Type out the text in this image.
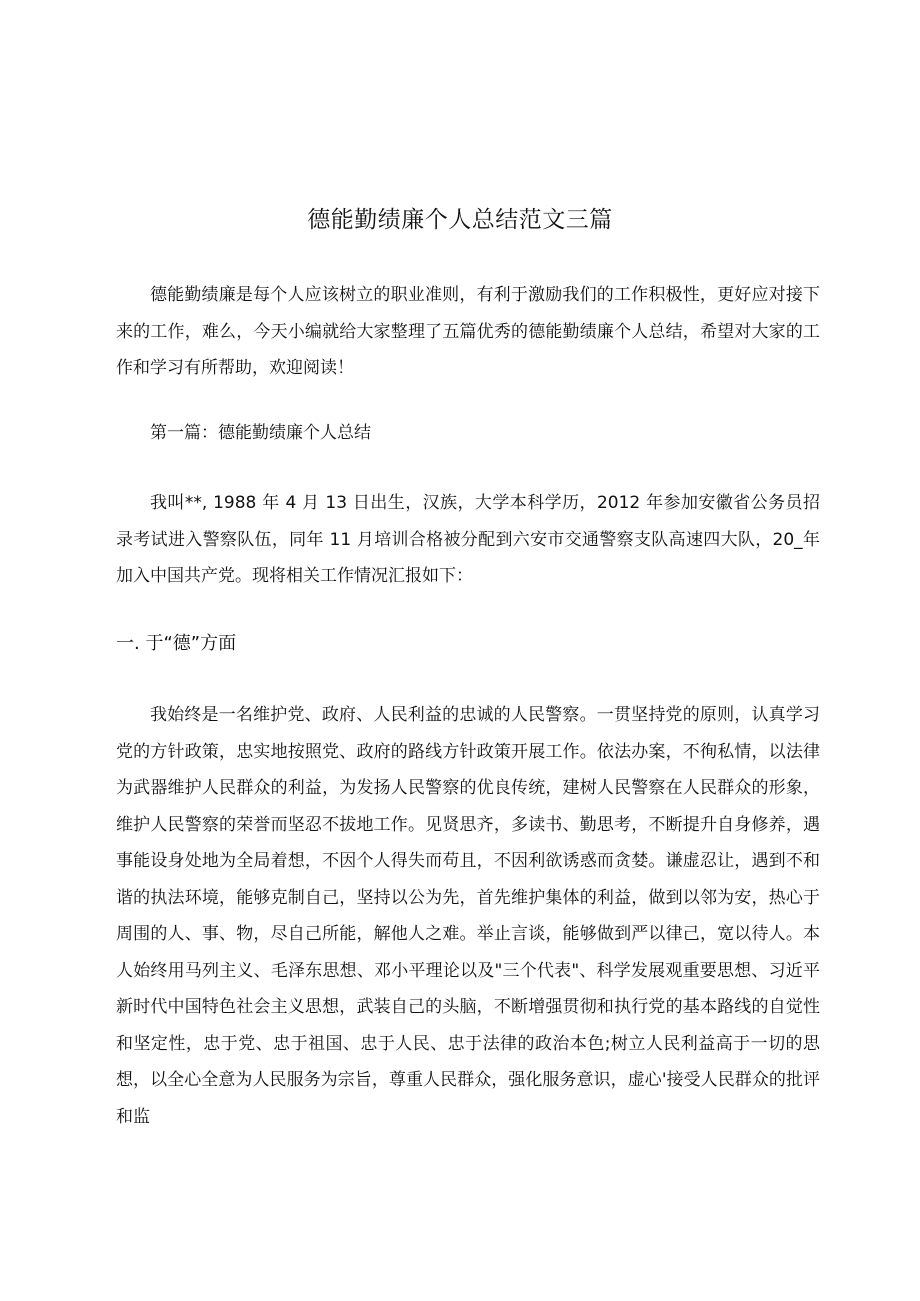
德能勤绩廉个人总结范文三篇

德能勤绩廉是每个人应该树立的职业准则，有利于激励我们的工作积极性，更好应对接下来的工作，难么，今天小编就给大家整理了五篇优秀的德能勤绩廉个人总结，希望对大家的工作和学习有所帮助，欢迎阅读！

第一篇：德能勤绩廉个人总结

我叫**, 1988 年 4 月 13 日出生，汉族，大学本科学历，2012 年参加安徽省公务员招录考试进入警察队伍，同年 11 月培训合格被分配到六安市交通警察支队高速四大队，20_年加入中国共产党。现将相关工作情况汇报如下：

一. 于“德”方面

我始终是一名维护党、政府、人民利益的忠诚的人民警察。一贯坚持党的原则，认真学习党的方针政策，忠实地按照党、政府的路线方针政策开展工作。依法办案，不徇私情，以法律为武器维护人民群众的利益，为发扬人民警察的优良传统，建树人民警察在人民群众的形象，维护人民警察的荣誉而坚忍不拔地工作。见贤思齐，多读书、勤思考，不断提升自身修养，遇事能设身处地为全局着想，不因个人得失而苟且，不因利欲诱惑而贪婪。谦虚忍让，遇到不和谐的执法环境，能够克制自己，坚持以公为先，首先维护集体的利益，做到以邻为安，热心于周围的人、事、物，尽自己所能，解他人之难。举止言谈，能够做到严以律己，宽以待人。本人始终用马列主义、毛泽东思想、邓小平理论以及"三个代表"、科学发展观重要思想、习近平新时代中国特色社会主义思想，武装自己的头脑，不断增强贯彻和执行党的基本路线的自觉性和坚定性，忠于党、忠于祖国、忠于人民、忠于法律的政治本色;树立人民利益高于一切的思想，以全心全意为人民服务为宗旨，尊重人民群众，强化服务意识，虚心'接受人民群众的批评和监
